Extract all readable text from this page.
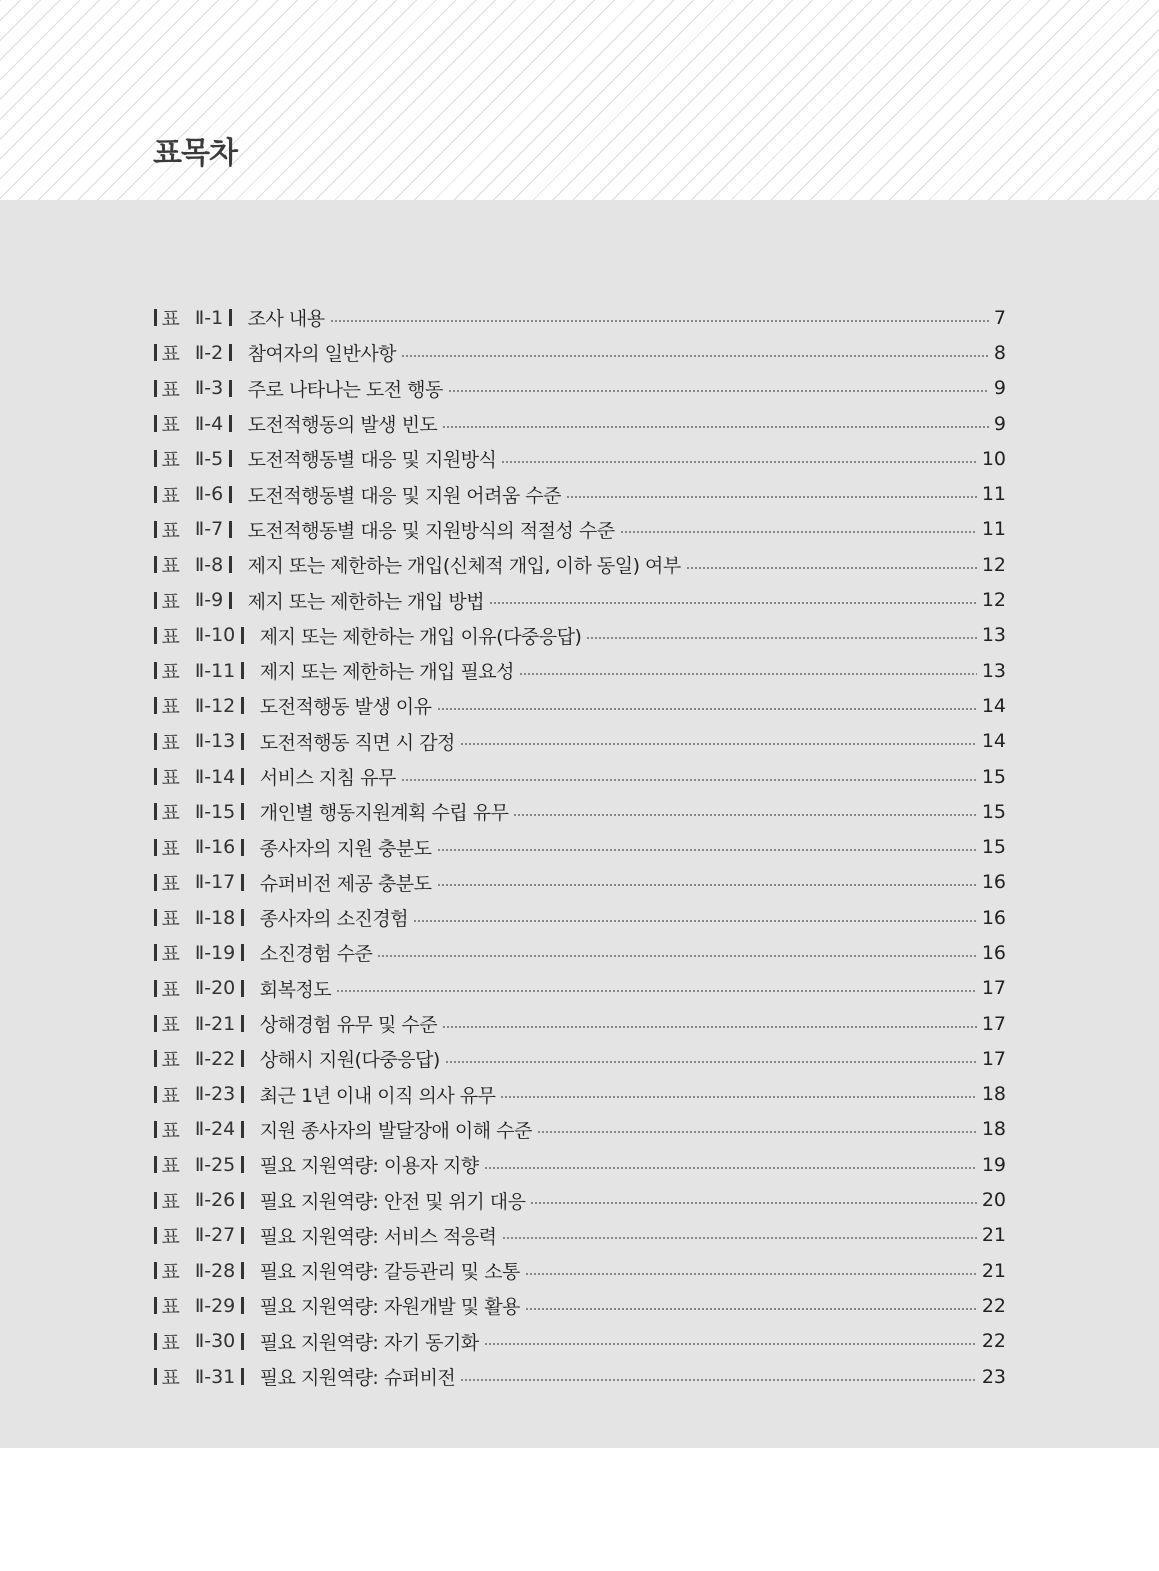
표목차
표 Ⅱ-1 조사 내용	7
표 Ⅱ-2 참여자의 일반사항	8
표 Ⅱ-3 주로 나타나는 도전 행동	9
표 Ⅱ-4 도전적행동의 발생 빈도	9
표 Ⅱ-5 도전적행동별 대응 및 지원방식	10
표 Ⅱ-6 도전적행동별 대응 및 지원 어려움 수준	11
표 Ⅱ-7 도전적행동별 대응 및 지원방식의 적절성 수준	11
표 Ⅱ-8 제지 또는 제한하는 개입(신체적 개입, 이하 동일) 여부	12
표 Ⅱ-9 제지 또는 제한하는 개입 방법	12
표 Ⅱ-10 제지 또는 제한하는 개입 이유(다중응답)	13
표 Ⅱ-11 제지 또는 제한하는 개입 필요성	13
표 Ⅱ-12 도전적행동 발생 이유	14
표 Ⅱ-13 도전적행동 직면 시 감정	14
표 Ⅱ-14 서비스 지침 유무	15
표 Ⅱ-15 개인별 행동지원계획 수립 유무	15
표 Ⅱ-16 종사자의 지원 충분도	15
표 Ⅱ-17 슈퍼비전 제공 충분도	16
표 Ⅱ-18 종사자의 소진경험	16
표 Ⅱ-19 소진경험 수준	16
표 Ⅱ-20 회복정도	17
표 Ⅱ-21 상해경험 유무 및 수준	17
표 Ⅱ-22 상해시 지원(다중응답)	17
표 Ⅱ-23 최근 1년 이내 이직 의사 유무	18
표 Ⅱ-24 지원 종사자의 발달장애 이해 수준	18
표 Ⅱ-25 필요 지원역량: 이용자 지향	19
표 Ⅱ-26 필요 지원역량: 안전 및 위기 대응	20
표 Ⅱ-27 필요 지원역량: 서비스 적응력	21
표 Ⅱ-28 필요 지원역량: 갈등관리 및 소통	21
표 Ⅱ-29 필요 지원역량: 자원개발 및 활용	22
표 Ⅱ-30 필요 지원역량: 자기 동기화	22
표 Ⅱ-31 필요 지원역량: 슈퍼비전	23
